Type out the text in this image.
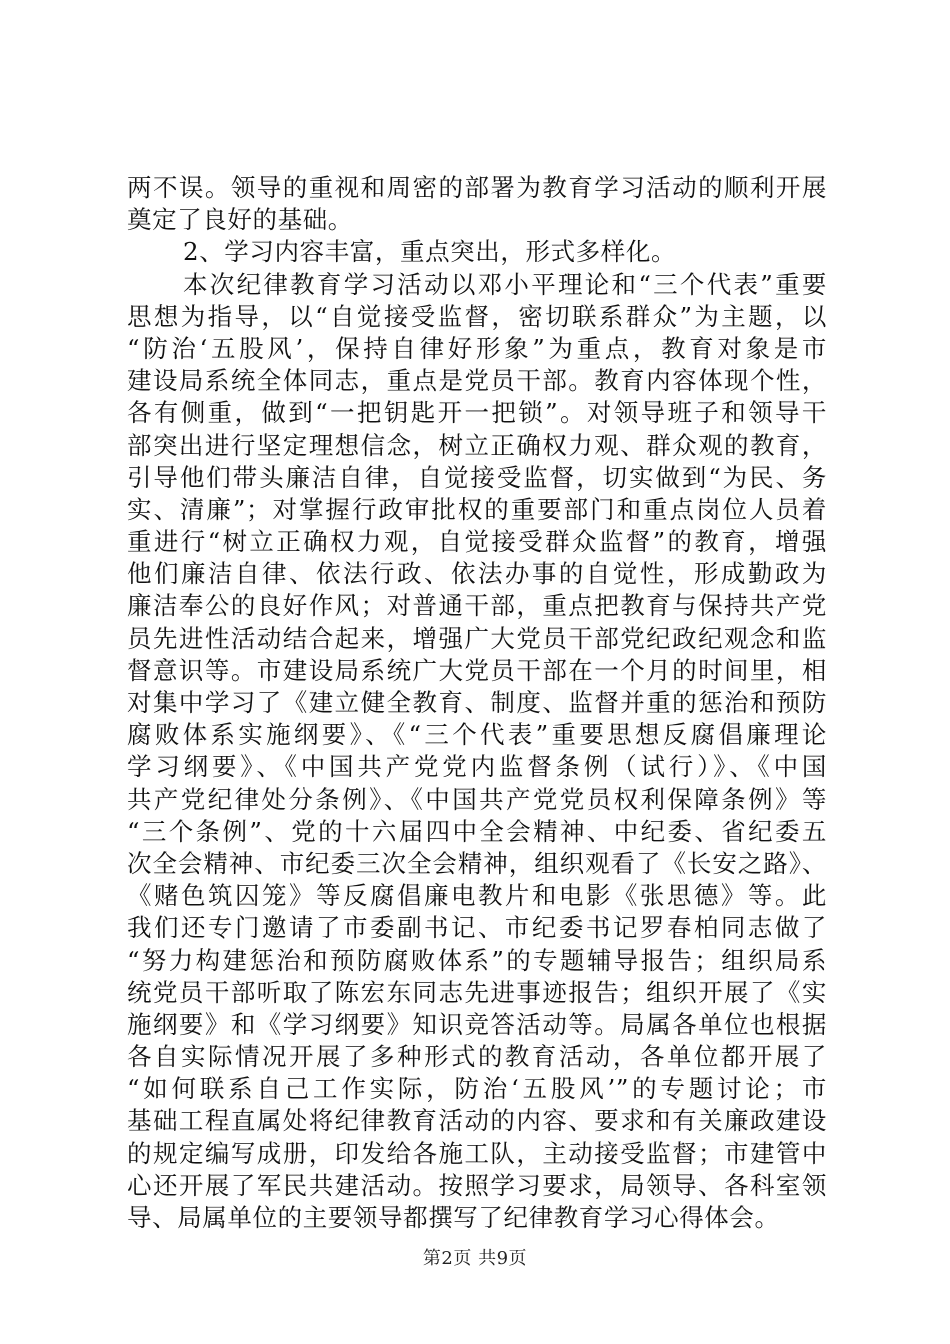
两不误。领导的重视和周密的部署为教育学习活动的顺利开展
奠定了良好的基础。
2、学习内容丰富，重点突出，形式多样化。
本次纪律教育学习活动以邓小平理论和“三个代表”重要
思想为指导，以“自觉接受监督，密切联系群众”为主题，以
“防治‘五股风’，保持自律好形象”为重点，教育对象是市
建设局系统全体同志，重点是党员干部。教育内容体现个性，
各有侧重，做到“一把钥匙开一把锁”。对领导班子和领导干
部突出进行坚定理想信念，树立正确权力观、群众观的教育，
引导他们带头廉洁自律，自觉接受监督，切实做到“为民、务
实、清廉”；对掌握行政审批权的重要部门和重点岗位人员着
重进行“树立正确权力观，自觉接受群众监督”的教育，增强
他们廉洁自律、依法行政、依法办事的自觉性，形成勤政为
廉洁奉公的良好作风；对普通干部，重点把教育与保持共产党
员先进性活动结合起来，增强广大党员干部党纪政纪观念和监
督意识等。市建设局系统广大党员干部在一个月的时间里，相
对集中学习了《建立健全教育、制度、监督并重的惩治和预防
腐败体系实施纲要》、《“三个代表”重要思想反腐倡廉理论
学习纲要》、《中国共产党党内监督条例（试行）》、《中国
共产党纪律处分条例》、《中国共产党党员权利保障条例》等
“三个条例”、党的十六届四中全会精神、中纪委、省纪委五
次全会精神、市纪委三次全会精神，组织观看了《长安之路》、
《赌色筑囚笼》等反腐倡廉电教片和电影《张思德》等。此
我们还专门邀请了市委副书记、市纪委书记罗春柏同志做了
“努力构建惩治和预防腐败体系”的专题辅导报告；组织局系
统党员干部听取了陈宏东同志先进事迹报告；组织开展了《实
施纲要》和《学习纲要》知识竞答活动等。局属各单位也根据
各自实际情况开展了多种形式的教育活动，各单位都开展了
“如何联系自己工作实际，防治‘五股风’”的专题讨论；市
基础工程直属处将纪律教育活动的内容、要求和有关廉政建设
的规定编写成册，印发给各施工队，主动接受监督；市建管中
心还开展了军民共建活动。按照学习要求，局领导、各科室领
导、局属单位的主要领导都撰写了纪律教育学习心得体会。
第2页 共9页
